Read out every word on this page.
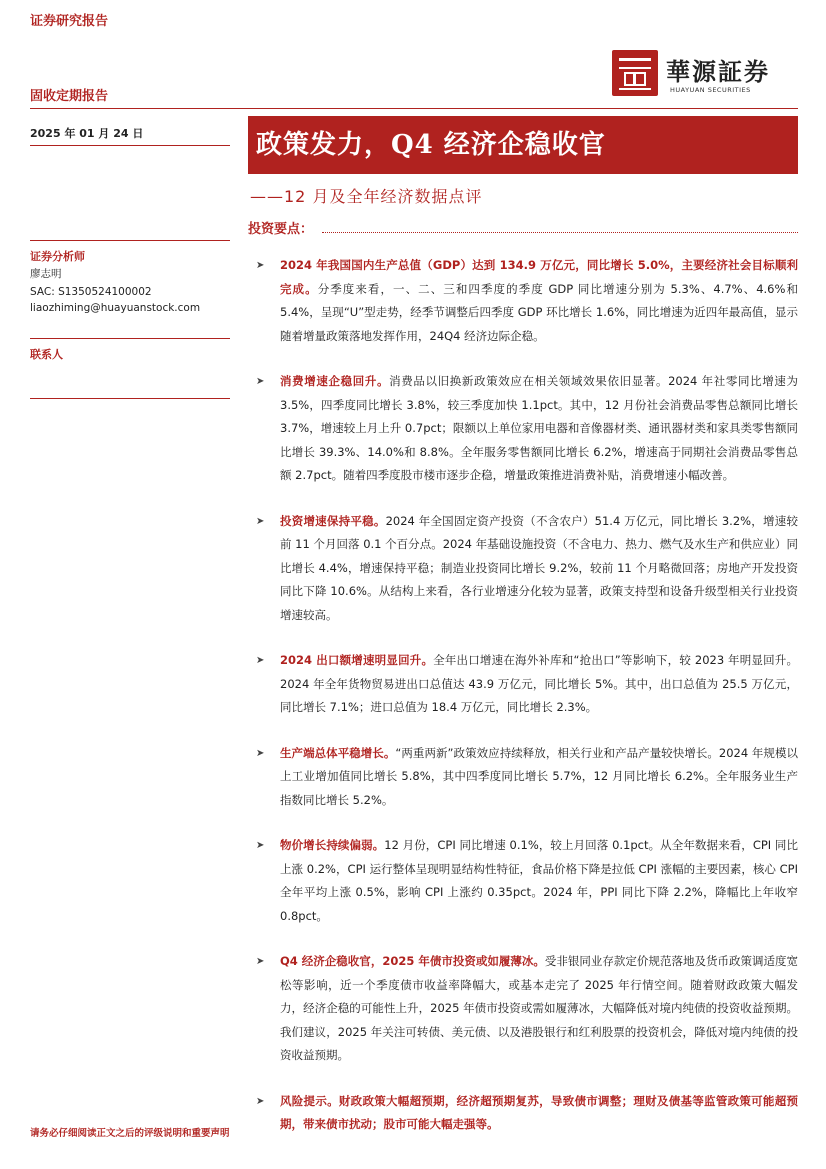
证券研究报告
固收定期报告
華源証券
HUAYUAN SECURITIES
2025 年 01 月 24 日	政策发力，Q4 经济企稳收官
——12 月及全年经济数据点评
投资要点：
证券分析师
廖志明
SAC: S1350524100002
liaozhiming@huayuanstock.com
联系人
➤ 2024 年我国国内生产总值（GDP）达到 134.9 万亿元，同比增长 5.0%，主要经济社会目标顺利完成。分季度来看，一、二、三和四季度的季度 GDP 同比增速分别为 5.3%、4.7%、4.6%和 5.4%，呈现“U”型走势，经季节调整后四季度 GDP 环比增长 1.6%，同比增速为近四年最高值，显示随着增量政策落地发挥作用，24Q4 经济边际企稳。
➤ 消费增速企稳回升。消费品以旧换新政策效应在相关领域效果依旧显著。2024 年社零同比增速为 3.5%，四季度同比增长 3.8%，较三季度加快 1.1pct。其中，12 月份社会消费品零售总额同比增长 3.7%，增速较上月上升 0.7pct；限额以上单位家用电器和音像器材类、通讯器材类和家具类零售额同比增长 39.3%、14.0%和 8.8%。全年服务零售额同比增长 6.2%，增速高于同期社会消费品零售总额 2.7pct。随着四季度股市楼市逐步企稳，增量政策推进消费补贴，消费增速小幅改善。
➤ 投资增速保持平稳。2024 年全国固定资产投资（不含农户）51.4 万亿元，同比增长 3.2%，增速较前 11 个月回落 0.1 个百分点。2024 年基础设施投资（不含电力、热力、燃气及水生产和供应业）同比增长 4.4%，增速保持平稳；制造业投资同比增长 9.2%，较前 11 个月略微回落；房地产开发投资同比下降 10.6%。从结构上来看，各行业增速分化较为显著，政策支持型和设备升级型相关行业投资增速较高。
➤ 2024 出口额增速明显回升。全年出口增速在海外补库和“抢出口”等影响下，较 2023 年明显回升。2024 年全年货物贸易进出口总值达 43.9 万亿元，同比增长 5%。其中，出口总值为 25.5 万亿元，同比增长 7.1%；进口总值为 18.4 万亿元，同比增长 2.3%。
➤ 生产端总体平稳增长。“两重两新”政策效应持续释放，相关行业和产品产量较快增长。2024 年规模以上工业增加值同比增长 5.8%，其中四季度同比增长 5.7%，12 月同比增长 6.2%。全年服务业生产指数同比增长 5.2%。
➤ 物价增长持续偏弱。12 月份，CPI 同比增速 0.1%，较上月回落 0.1pct。从全年数据来看，CPI 同比上涨 0.2%，CPI 运行整体呈现明显结构性特征，食品价格下降是拉低 CPI 涨幅的主要因素，核心 CPI 全年平均上涨 0.5%，影响 CPI 上涨约 0.35pct。2024 年，PPI 同比下降 2.2%，降幅比上年收窄 0.8pct。
➤ Q4 经济企稳收官，2025 年债市投资或如履薄冰。受非银同业存款定价规范落地及货币政策调适度宽松等影响，近一个季度债市收益率降幅大，或基本走完了 2025 年行情空间。随着财政政策大幅发力，经济企稳的可能性上升，2025 年债市投资或需如履薄冰，大幅降低对境内纯债的投资收益预期。我们建议，2025 年关注可转债、美元债、以及港股银行和红利股票的投资机会，降低对境内纯债的投资收益预期。
➤ 风险提示。财政政策大幅超预期，经济超预期复苏，导致债市调整；理财及债基等监管政策可能超预期，带来债市扰动；股市可能大幅走强等。
请务必仔细阅读正文之后的评级说明和重要声明
